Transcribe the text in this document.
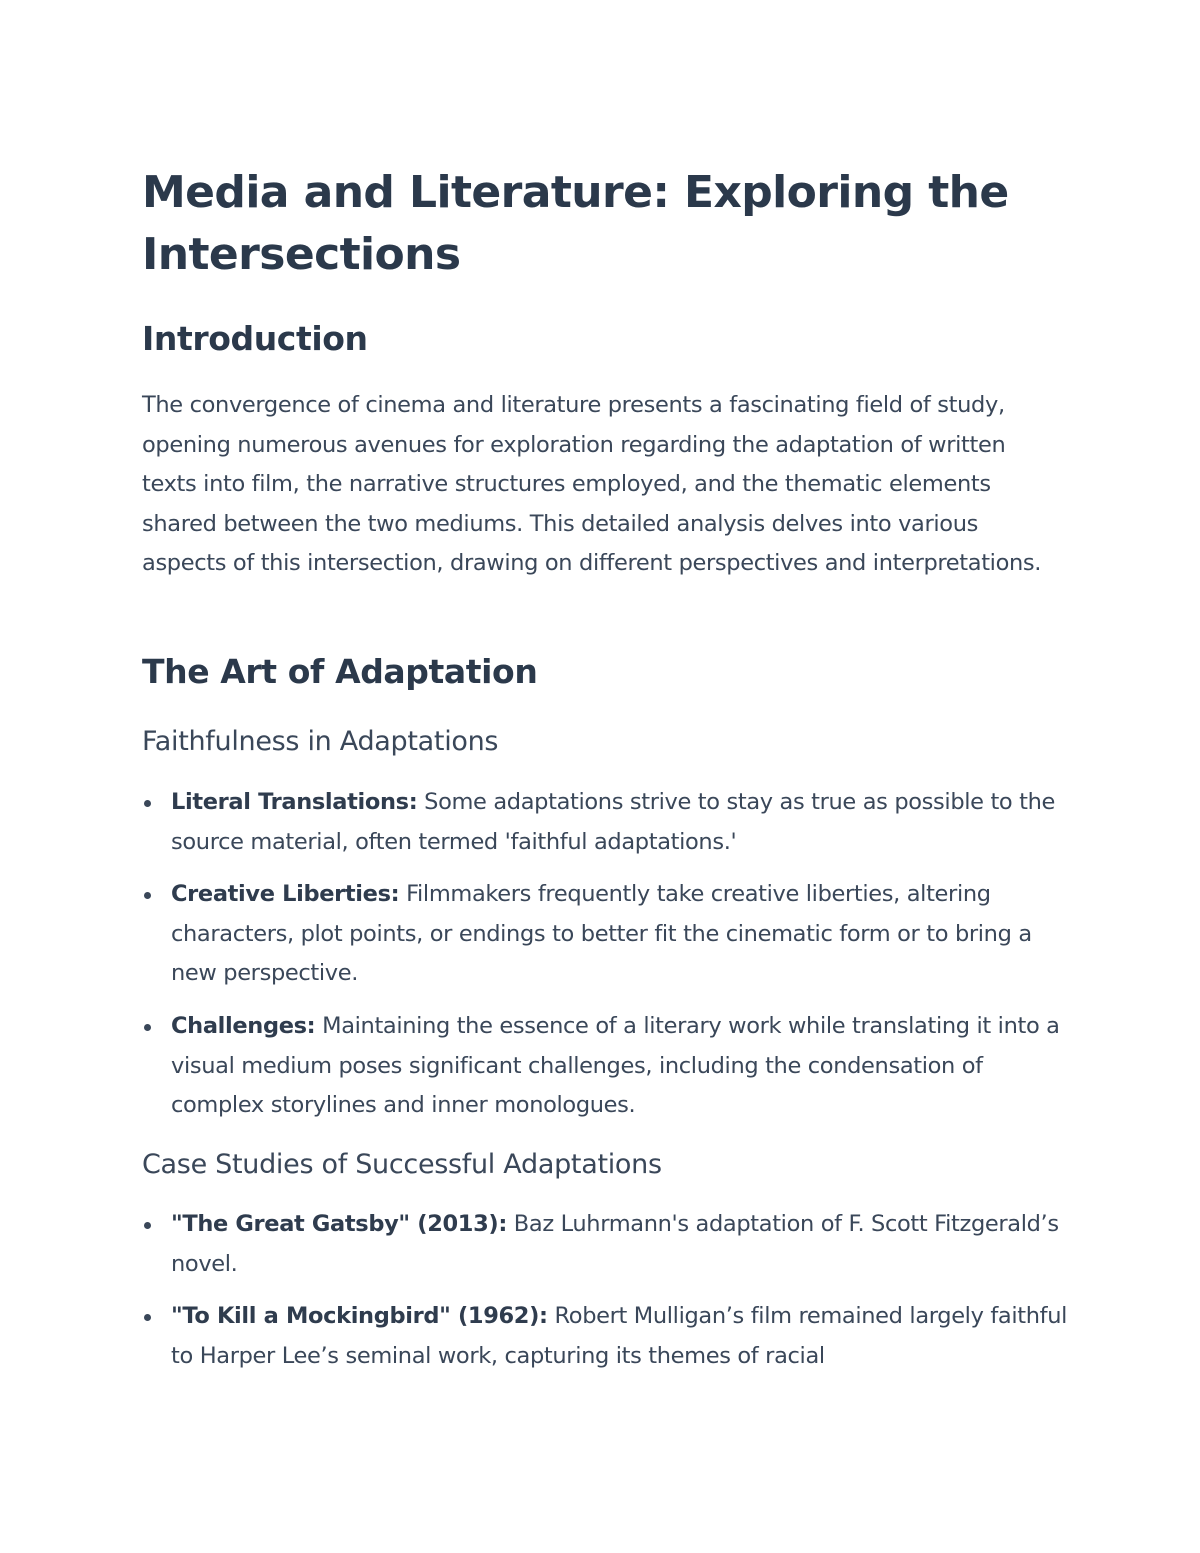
Media and Literature: Exploring the Intersections
Introduction

The convergence of cinema and literature presents a fascinating field of study, opening numerous avenues for exploration regarding the adaptation of written texts into film, the narrative structures employed, and the thematic elements shared between the two mediums. This detailed analysis delves into various aspects of this intersection, drawing on different perspectives and interpretations.

The Art of Adaptation
Faithfulness in Adaptations
Literal Translations: Some adaptations strive to stay as true as possible to the source material, often termed 'faithful adaptations.'
Creative Liberties: Filmmakers frequently take creative liberties, altering characters, plot points, or endings to better fit the cinematic form or to bring a new perspective.
Challenges: Maintaining the essence of a literary work while translating it into a visual medium poses significant challenges, including the condensation of complex storylines and inner monologues.
Case Studies of Successful Adaptations
"The Great Gatsby" (2013): Baz Luhrmann's adaptation of F. Scott Fitzgerald’s novel.
"To Kill a Mockingbird" (1962): Robert Mulligan’s film remained largely faithful to Harper Lee’s seminal work, capturing its themes of racial
